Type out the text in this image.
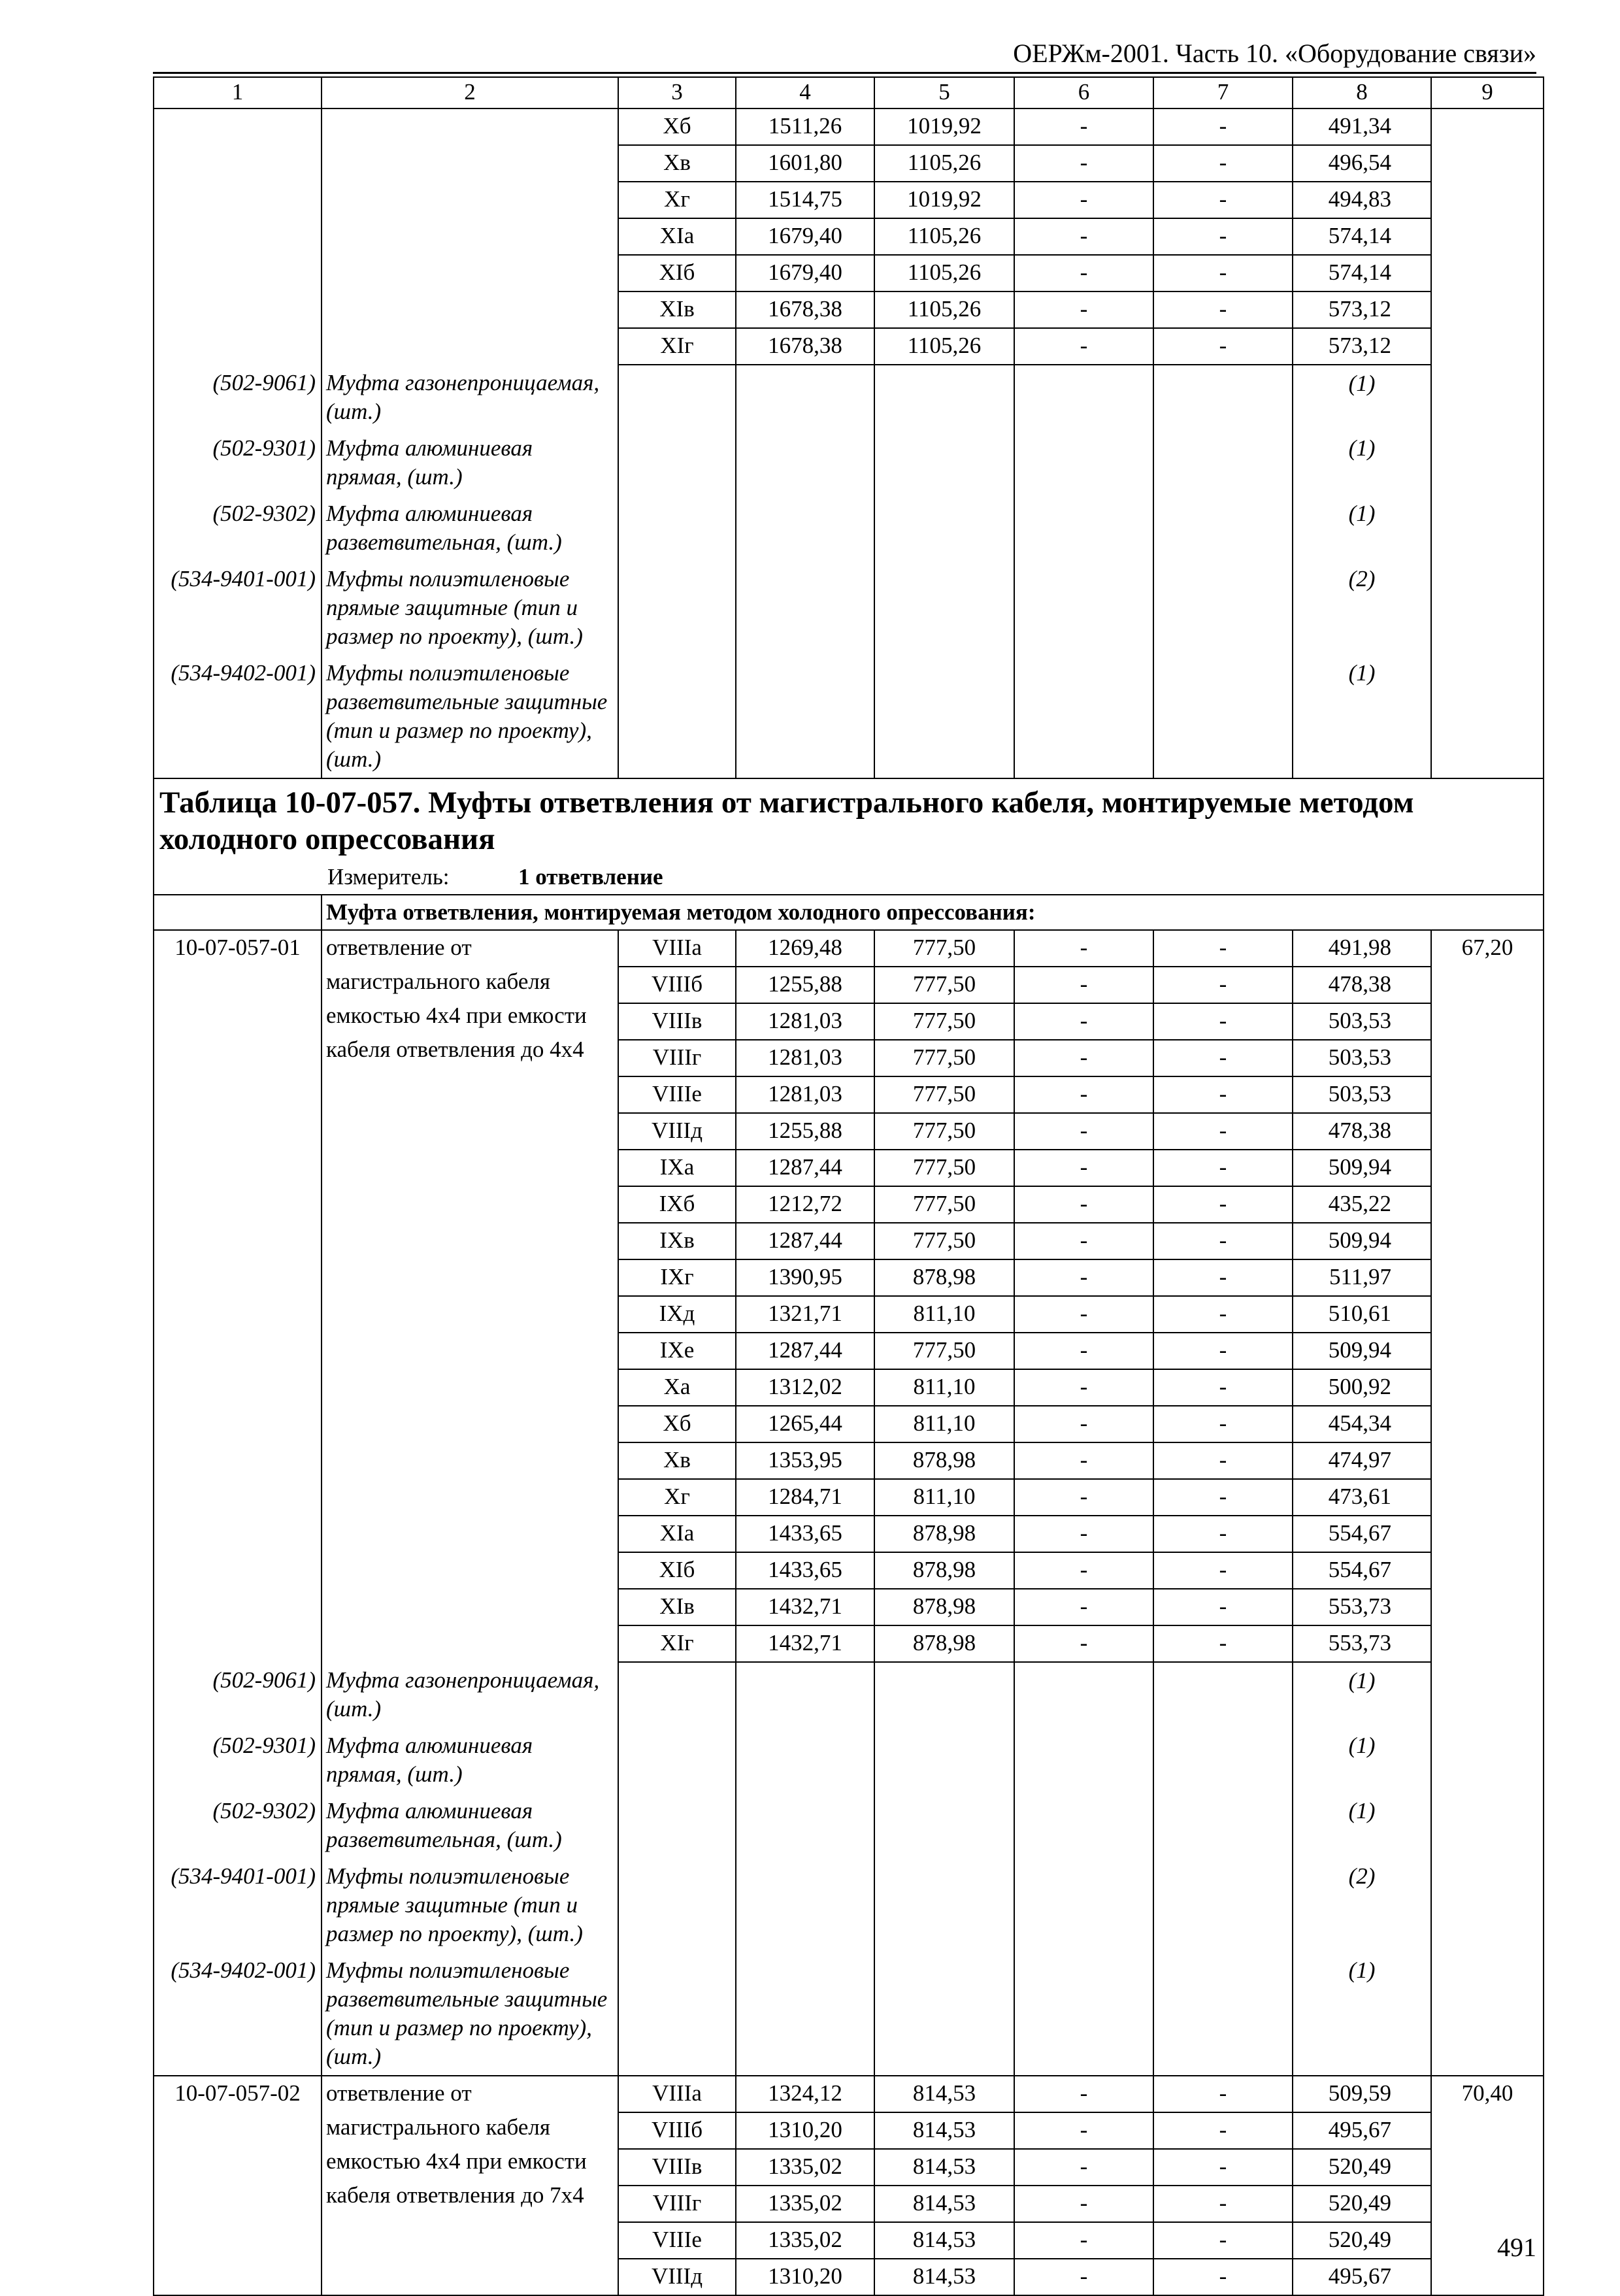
ОЕРЖм-2001. Часть 10. «Оборудование связи»
1	2	3	4	5	6	7	8	9
		Хб	1511,26	1019,92	-	-	491,34	
		Хв	1601,80	1105,26	-	-	496,54	
		Хг	1514,75	1019,92	-	-	494,83	
		XIа	1679,40	1105,26	-	-	574,14	
		XIб	1679,40	1105,26	-	-	574,14	
		XIв	1678,38	1105,26	-	-	573,12	
		XIг	1678,38	1105,26	-	-	573,12	
(502-9061)	Муфта газонепроницаемая, (шт.)						(1)	
(502-9301)	Муфта алюминиевая прямая, (шт.)						(1)	
(502-9302)	Муфта алюминиевая разветвительная, (шт.)						(1)	
(534-9401-001)	Муфты полиэтиленовые прямые защитные (тип и размер по проекту), (шт.)						(2)	
(534-9402-001)	Муфты полиэтиленовые разветвительные защитные (тип и размер по проекту), (шт.)						(1)	
Таблица 10-07-057. Муфты ответвления от магистрального кабеля, монтируемые методом холодного опрессования								

Измеритель: 1 ответвление								

	Муфта ответвления, монтируемая методом холодного опрессования:							
10-07-057-01	ответвление от магистрального кабеля емкостью 4х4 при емкости кабеля ответвления до 4х4	VIIIа	1269,48	777,50	-	-	491,98	67,20
		VIIIб	1255,88	777,50	-	-	478,38	
		VIIIв	1281,03	777,50	-	-	503,53	
		VIIIг	1281,03	777,50	-	-	503,53	
		VIIIе	1281,03	777,50	-	-	503,53	
		VIIIд	1255,88	777,50	-	-	478,38	
		IXа	1287,44	777,50	-	-	509,94	
		IXб	1212,72	777,50	-	-	435,22	
		IXв	1287,44	777,50	-	-	509,94	
		IXг	1390,95	878,98	-	-	511,97	
		IXд	1321,71	811,10	-	-	510,61	
		IXе	1287,44	777,50	-	-	509,94	
		Ха	1312,02	811,10	-	-	500,92	
		Хб	1265,44	811,10	-	-	454,34	
		Хв	1353,95	878,98	-	-	474,97	
		Хг	1284,71	811,10	-	-	473,61	
		XIа	1433,65	878,98	-	-	554,67	
		XIб	1433,65	878,98	-	-	554,67	
		XIв	1432,71	878,98	-	-	553,73	
		XIг	1432,71	878,98	-	-	553,73	
(502-9061)	Муфта газонепроницаемая, (шт.)						(1)	
(502-9301)	Муфта алюминиевая прямая, (шт.)						(1)	
(502-9302)	Муфта алюминиевая разветвительная, (шт.)						(1)	
(534-9401-001)	Муфты полиэтиленовые прямые защитные (тип и размер по проекту), (шт.)						(2)	
(534-9402-001)	Муфты полиэтиленовые разветвительные защитные (тип и размер по проекту), (шт.)						(1)	
10-07-057-02	ответвление от магистрального кабеля емкостью 4х4 при емкости кабеля ответвления до 7х4	VIIIа	1324,12	814,53	-	-	509,59	70,40
		VIIIб	1310,20	814,53	-	-	495,67	
		VIIIв	1335,02	814,53	-	-	520,49	
		VIIIг	1335,02	814,53	-	-	520,49	
		VIIIе	1335,02	814,53	-	-	520,49	
		VIIIд	1310,20	814,53	-	-	495,67	
491
